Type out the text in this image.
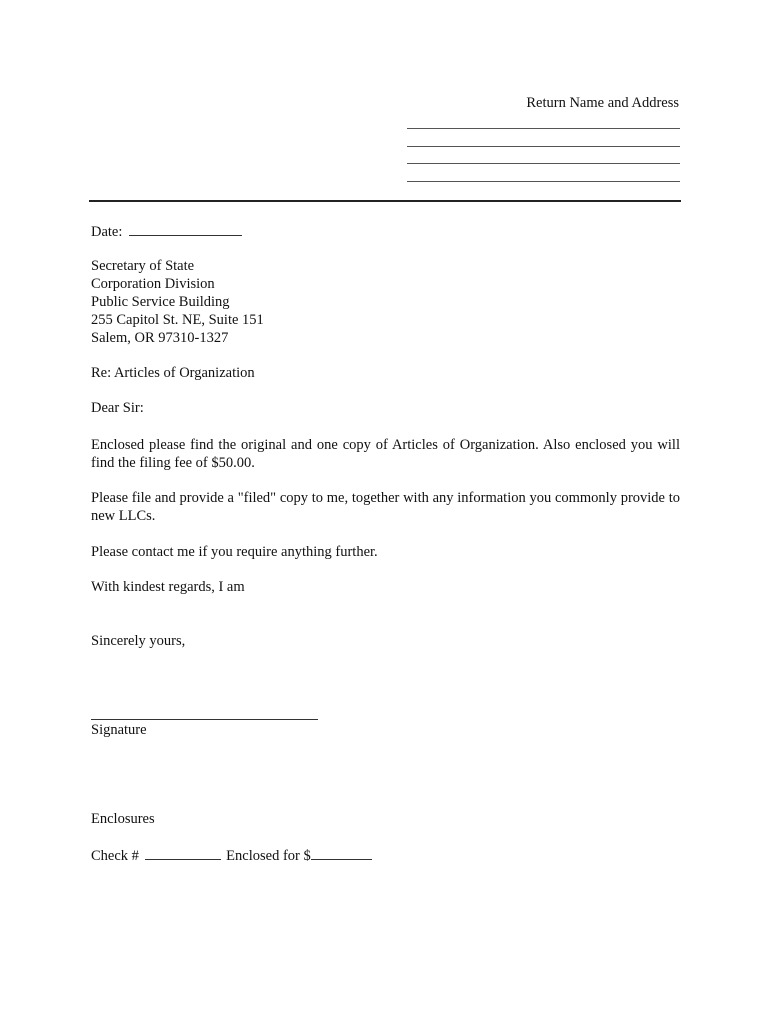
Return Name and Address

Date:

Secretary of State

Corporation Division

Public Service Building

255 Capitol St. NE, Suite 151

Salem, OR 97310-1327

Re: Articles of Organization

Dear Sir:

Enclosed please find the original and one copy of Articles of Organization. Also enclosed you will find the filing fee of $50.00.

Please file and provide a "filed" copy to me, together with any information you commonly provide to new LLCs.

Please contact me if you require anything further.

With kindest regards, I am

Sincerely yours,

Signature

Enclosures

Check #	Enclosed for $
